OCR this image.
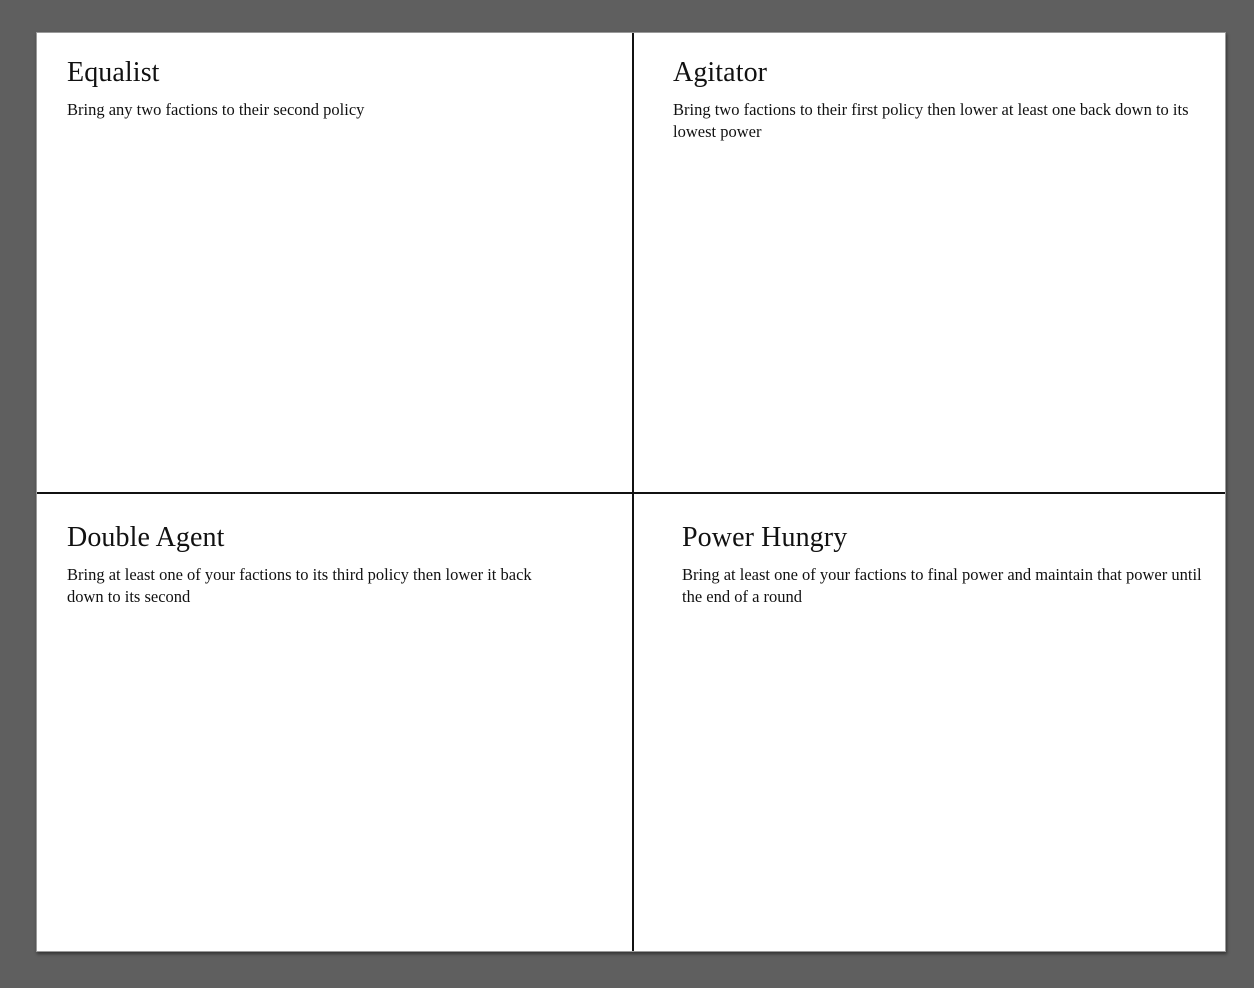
Equalist

Bring any two factions to their second policy

Agitator

Bring two factions to their first policy then lower at least one back down to its lowest power

Double Agent

Bring at least one of your factions to its third policy then lower it back down to its second

Power Hungry

Bring at least one of your factions to final power and maintain that power until the end of a round
